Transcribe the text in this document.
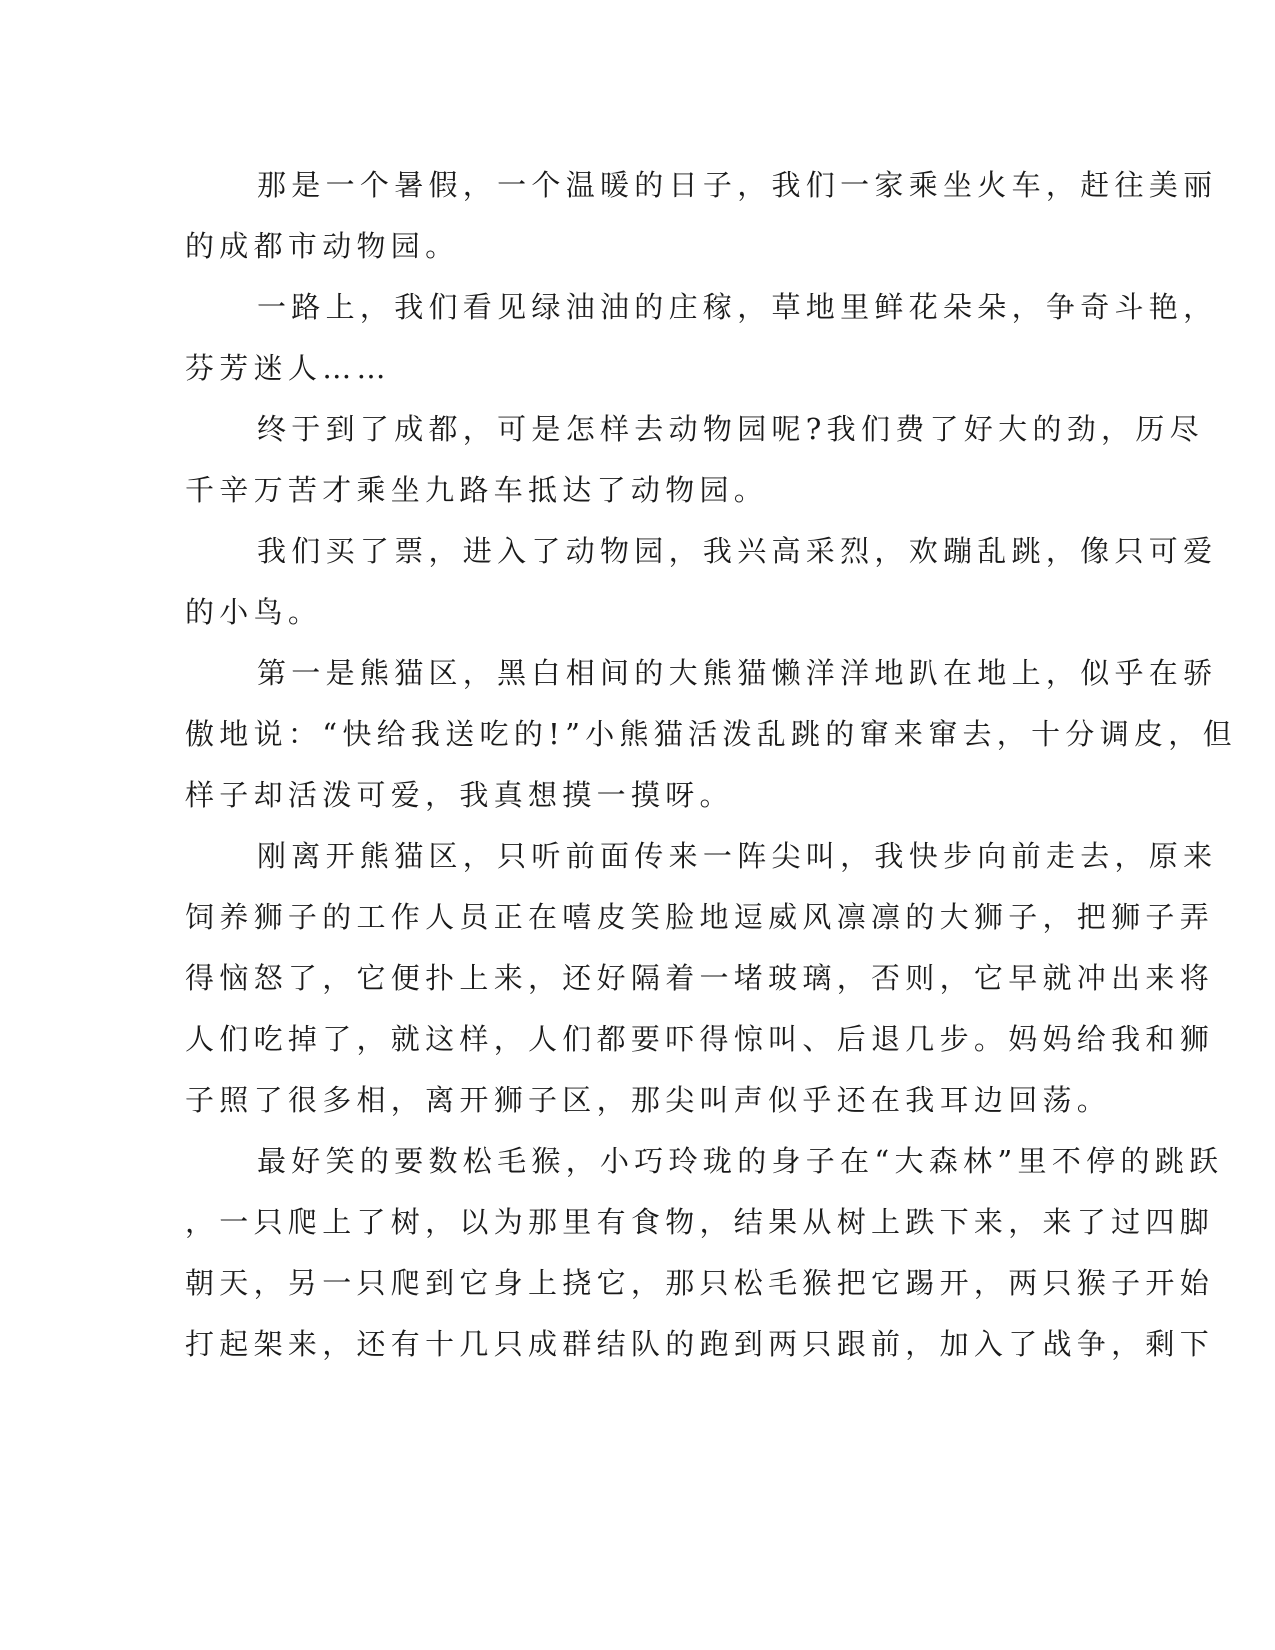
那是一个暑假，一个温暖的日子，我们一家乘坐火车，赶往美丽
的成都市动物园。
一路上，我们看见绿油油的庄稼，草地里鲜花朵朵，争奇斗艳，
芬芳迷人……
终于到了成都，可是怎样去动物园呢?我们费了好大的劲，历尽
千辛万苦才乘坐九路车抵达了动物园。
我们买了票，进入了动物园，我兴高采烈，欢蹦乱跳，像只可爱
的小鸟。
第一是熊猫区，黑白相间的大熊猫懒洋洋地趴在地上，似乎在骄
傲地说：“快给我送吃的!”小熊猫活泼乱跳的窜来窜去，十分调皮，但
样子却活泼可爱，我真想摸一摸呀。
刚离开熊猫区，只听前面传来一阵尖叫，我快步向前走去，原来
饲养狮子的工作人员正在嘻皮笑脸地逗威风凛凛的大狮子，把狮子弄
得恼怒了，它便扑上来，还好隔着一堵玻璃，否则，它早就冲出来将
人们吃掉了，就这样，人们都要吓得惊叫、后退几步。妈妈给我和狮
子照了很多相，离开狮子区，那尖叫声似乎还在我耳边回荡。
最好笑的要数松毛猴，小巧玲珑的身子在“大森林”里不停的跳跃
，一只爬上了树，以为那里有食物，结果从树上跌下来，来了过四脚
朝天，另一只爬到它身上挠它，那只松毛猴把它踢开，两只猴子开始
打起架来，还有十几只成群结队的跑到两只跟前，加入了战争，剩下
